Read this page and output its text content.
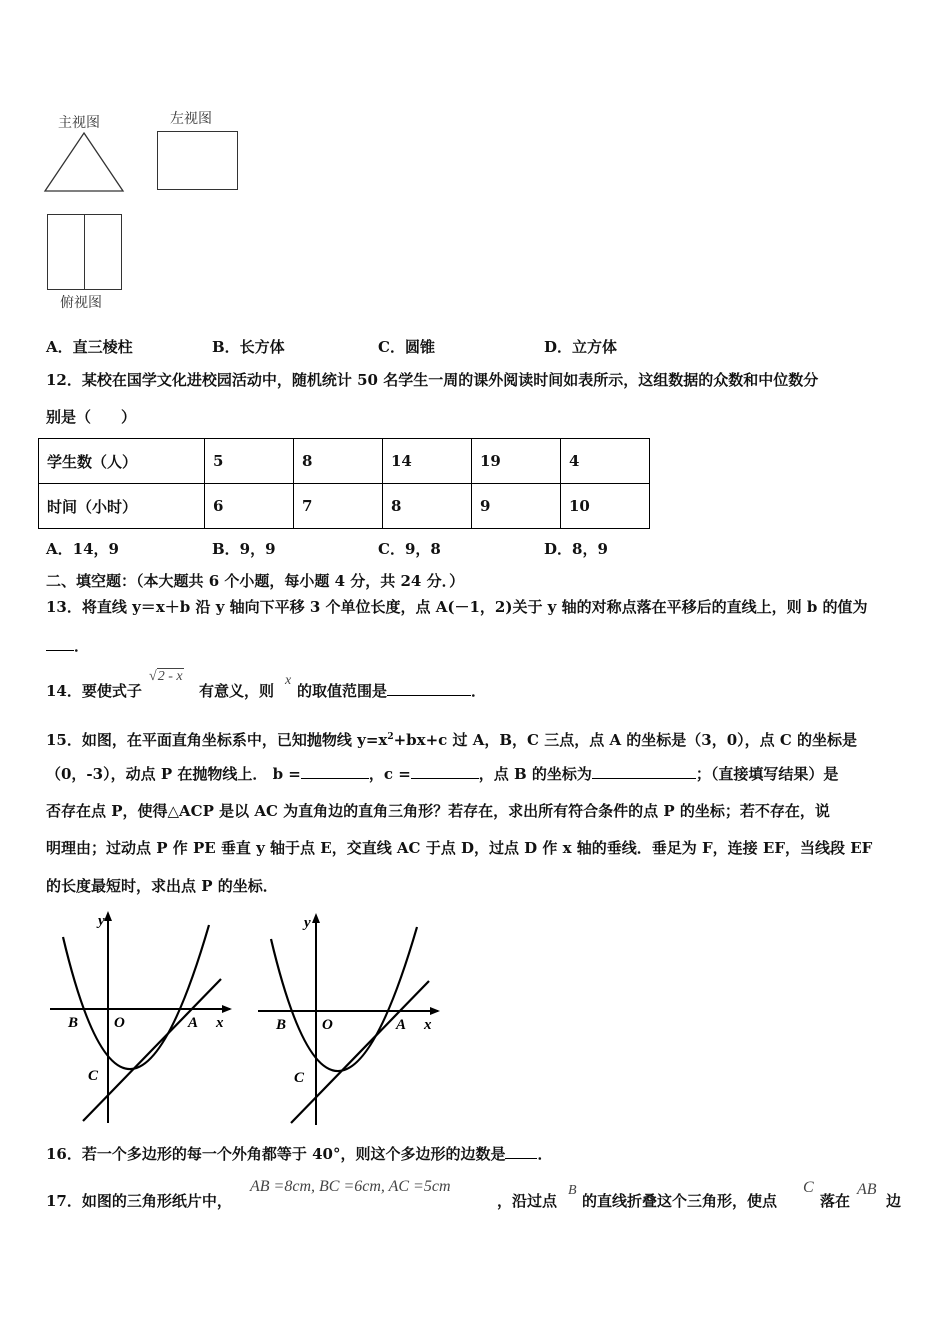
主视图	左视图
俯视图
A．直三棱柱	B．长方体	C．圆锥	D．立方体
12．某校在国学文化进校园活动中，随机统计 50 名学生一周的课外阅读时间如表所示，这组数据的众数和中位数分
别是（　　）
学生数（人）	5	8	14	19	4
时间（小时）	6	7	8	9	10
A．14，9	B．9，9	C．9，8	D．8，9
二、填空题：（本大题共 6 个小题，每小题 4 分，共 24 分．）
13．将直线 y＝x＋b 沿 y 轴向下平移 3 个单位长度，点 A(－1，2)关于 y 轴的对称点落在平移后的直线上，则 b 的值为
．
14．要使式子
√2 - x
有意义，则
x
的取值范围是	．
15．如图，在平面直角坐标系中，已知抛物线 $y=x^2+bx+c$ 过 A，B，C 三点，点 A 的坐标是（3，0），点 C 的坐标是
（0，-3），动点 P 在抛物线上． b =	，c =	，点 B 的坐标为	；（直接填写结果）是
否存在点 P，使得△ACP 是以 AC 为直角边的直角三角形？若存在，求出所有符合条件的点 P 的坐标；若不存在，说
明理由；过动点 P 作 PE 垂直 y 轴于点 E，交直线 AC 于点 D，过点 D 作 x 轴的垂线．垂足为 F，连接 EF，当线段 EF
的长度最短时，求出点 P 的坐标．
y
x
O	A
B
C
y
x
O	A
B
C
16．若一个多边形的每一个外角都等于 40°，则这个多边形的边数是 ．
17．如图的三角形纸片中，
AB =8cm, BC =6cm, AC =5cm
，沿过点
B
的直线折叠这个三角形，使点
C
落在
AB
边
